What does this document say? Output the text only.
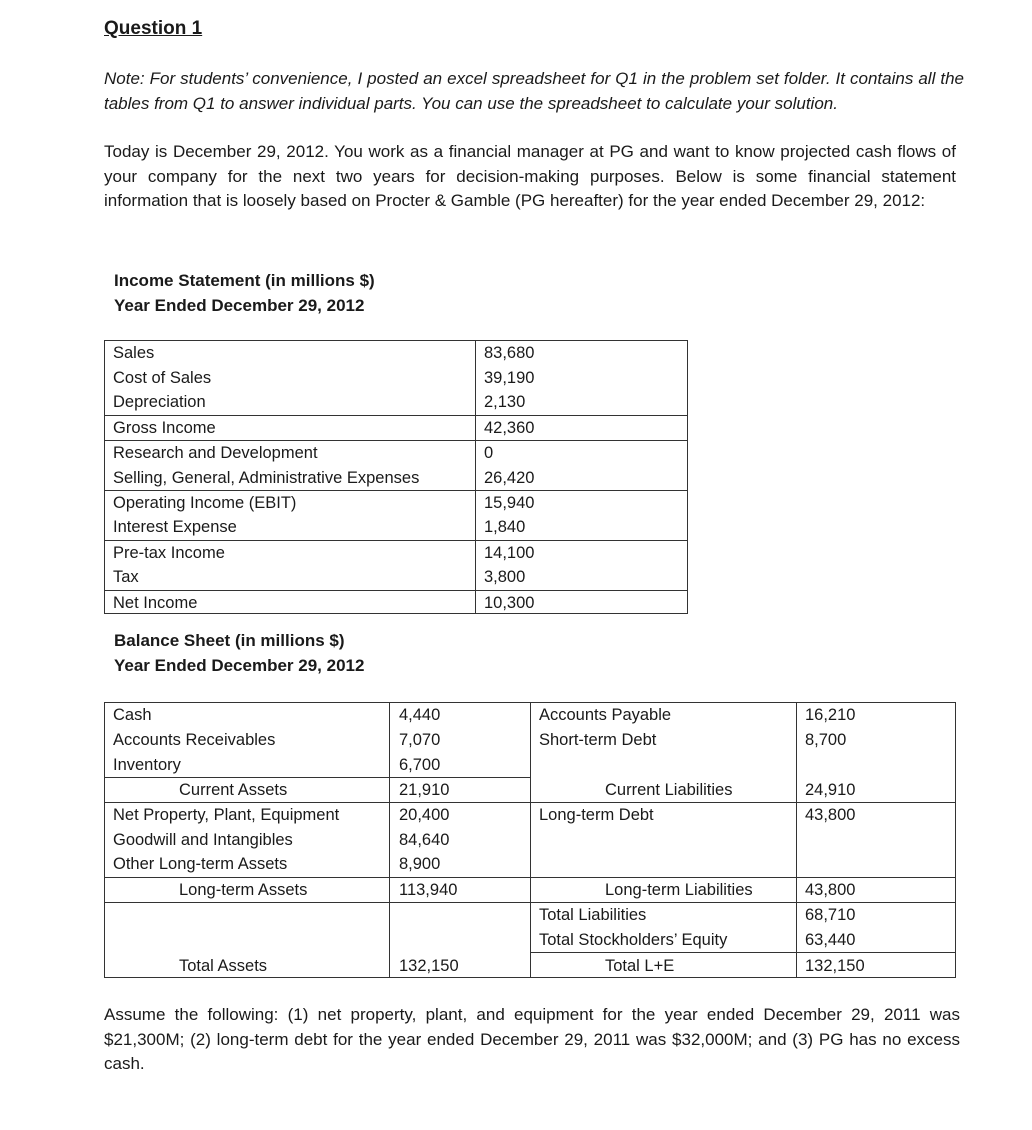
Question 1
Note: For students’ convenience, I posted an excel spreadsheet for Q1 in the problem set folder. It contains all the tables from Q1 to answer individual parts. You can use the spreadsheet to calculate your solution.
Today is December 29, 2012. You work as a financial manager at PG and want to know projected cash flows of your company for the next two years for decision-making purposes. Below is some financial statement information that is loosely based on Procter & Gamble (PG hereafter) for the year ended December 29, 2012:
Income Statement (in millions $)
Year Ended December 29, 2012
Sales	83,680
Cost of Sales	39,190
Depreciation	2,130
Gross Income	42,360
Research and Development	0
Selling, General, Administrative Expenses	26,420
Operating Income (EBIT)	15,940
Interest Expense	1,840
Pre-tax Income	14,100
Tax	3,800
Net Income	10,300
Balance Sheet (in millions $)
Year Ended December 29, 2012
Cash	4,440
Accounts Receivables	7,070
Inventory	6,700
Current Assets	21,910
Net Property, Plant, Equipment	20,400
Goodwill and Intangibles	84,640
Other Long-term Assets	8,900
Long-term Assets	113,940
Total Assets	132,150
Accounts Payable	16,210
Short-term Debt	8,700
Current Liabilities	24,910
Long-term Debt	43,800
Long-term Liabilities	43,800
Total Liabilities	68,710
Total Stockholders’ Equity	63,440
Total L+E	132,150
Assume the following: (1) net property, plant, and equipment for the year ended December 29, 2011 was $21,300M; (2) long-term debt for the year ended December 29, 2011 was $32,000M; and (3) PG has no excess cash.
